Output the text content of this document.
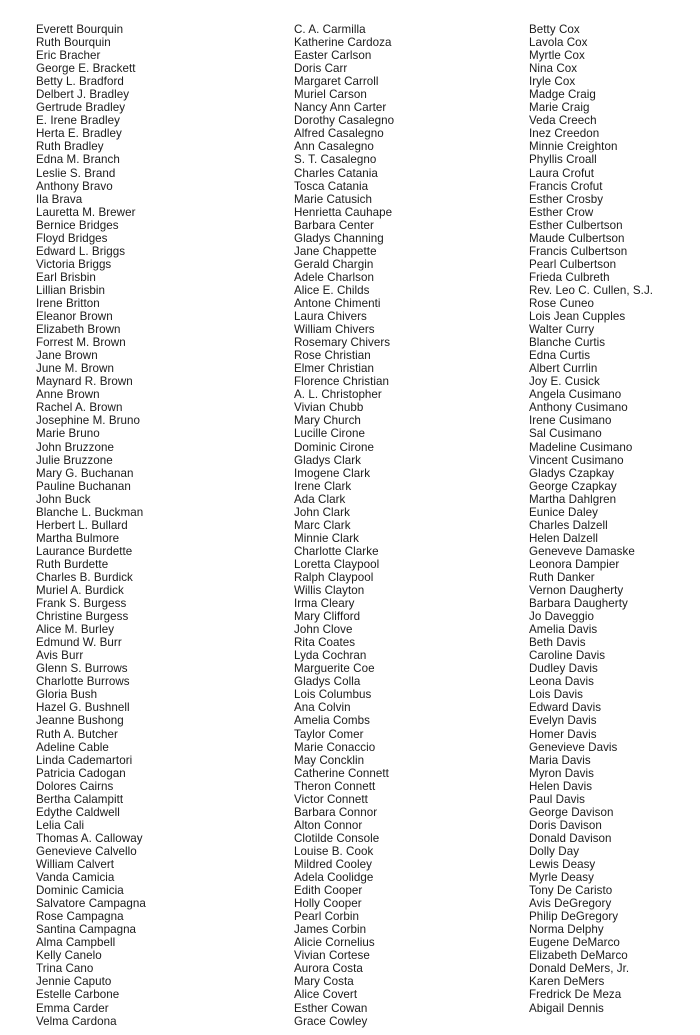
Everett Bourquin
Ruth Bourquin
Eric Bracher
George E. Brackett
Betty L. Bradford
Delbert J. Bradley
Gertrude Bradley
E. Irene Bradley
Herta E. Bradley
Ruth Bradley
Edna M. Branch
Leslie S. Brand
Anthony Bravo
Ila Brava
Lauretta M. Brewer
Bernice Bridges
Floyd Bridges
Edward L. Briggs
Victoria Briggs
Earl Brisbin
Lillian Brisbin
Irene Britton
Eleanor Brown
Elizabeth Brown
Forrest M. Brown
Jane Brown
June M. Brown
Maynard R. Brown
Anne Brown
Rachel A. Brown
Josephine M. Bruno
Marie Bruno
John Bruzzone
Julie Bruzzone
Mary G. Buchanan
Pauline Buchanan
John Buck
Blanche L. Buckman
Herbert L. Bullard
Martha Bulmore
Laurance Burdette
Ruth Burdette
Charles B. Burdick
Muriel A. Burdick
Frank S. Burgess
Christine Burgess
Alice M. Burley
Edmund W. Burr
Avis Burr
Glenn S. Burrows
Charlotte Burrows
Gloria Bush
Hazel G. Bushnell
Jeanne Bushong
Ruth A. Butcher
Adeline Cable
Linda Cademartori
Patricia Cadogan
Dolores Cairns
Bertha Calampitt
Edythe Caldwell
Lelia Cali
Thomas A. Calloway
Genevieve Calvello
William Calvert
Vanda Camicia
Dominic Camicia
Salvatore Campagna
Rose Campagna
Santina Campagna
Alma Campbell
Kelly Canelo
Trina Cano
Jennie Caputo
Estelle Carbone
Emma Carder
Velma Cardona
C. A. Carmilla
Katherine Cardoza
Easter Carlson
Doris Carr
Margaret Carroll
Muriel Carson
Nancy Ann Carter
Dorothy Casalegno
Alfred Casalegno
Ann Casalegno
S. T. Casalegno
Charles Catania
Tosca Catania
Marie Catusich
Henrietta Cauhape
Barbara Center
Gladys Channing
Jane Chappette
Gerald Chargin
Adele Charlson
Alice E. Childs
Antone Chimenti
Laura Chivers
William Chivers
Rosemary Chivers
Rose Christian
Elmer Christian
Florence Christian
A. L. Christopher
Vivian Chubb
Mary Church
Lucille Cirone
Dominic Cirone
Gladys Clark
Imogene Clark
Irene Clark
Ada Clark
John Clark
Marc Clark
Minnie Clark
Charlotte Clarke
Loretta Claypool
Ralph Claypool
Willis Clayton
Irma Cleary
Mary Clifford
John Clove
Rita Coates
Lyda Cochran
Marguerite Coe
Gladys Colla
Lois Columbus
Ana Colvin
Amelia Combs
Taylor Comer
Marie Conaccio
May Concklin
Catherine Connett
Theron Connett
Victor Connett
Barbara Connor
Alton Connor
Clotilde Console
Louise B. Cook
Mildred Cooley
Adela Coolidge
Edith Cooper
Holly Cooper
Pearl Corbin
James Corbin
Alicie Cornelius
Vivian Cortese
Aurora Costa
Mary Costa
Alice Covert
Esther Cowan
Grace Cowley
Betty Cox
Lavola Cox
Myrtle Cox
Nina Cox
Iryle Cox
Madge Craig
Marie Craig
Veda Creech
Inez Creedon
Minnie Creighton
Phyllis Croall
Laura Crofut
Francis Crofut
Esther Crosby
Esther Crow
Esther Culbertson
Maude Culbertson
Francis Culbertson
Pearl Culbertson
Frieda Culbreth
Rev. Leo C. Cullen, S.J.
Rose Cuneo
Lois Jean Cupples
Walter Curry
Blanche Curtis
Edna Curtis
Albert Currlin
Joy E. Cusick
Angela Cusimano
Anthony Cusimano
Irene Cusimano
Sal Cusimano
Madeline Cusimano
Vincent Cusimano
Gladys Czapkay
George Czapkay
Martha Dahlgren
Eunice Daley
Charles Dalzell
Helen Dalzell
Geneveve Damaske
Leonora Dampier
Ruth Danker
Vernon Daugherty
Barbara Daugherty
Jo Daveggio
Amelia Davis
Beth Davis
Caroline Davis
Dudley Davis
Leona Davis
Lois Davis
Edward Davis
Evelyn Davis
Homer Davis
Genevieve Davis
Maria Davis
Myron Davis
Helen Davis
Paul Davis
George Davison
Doris Davison
Donald Davison
Dolly Day
Lewis Deasy
Myrle Deasy
Tony De Caristo
Avis DeGregory
Philip DeGregory
Norma Delphy
Eugene DeMarco
Elizabeth DeMarco
Donald DeMers, Jr.
Karen DeMers
Fredrick De Meza
Abigail Dennis
